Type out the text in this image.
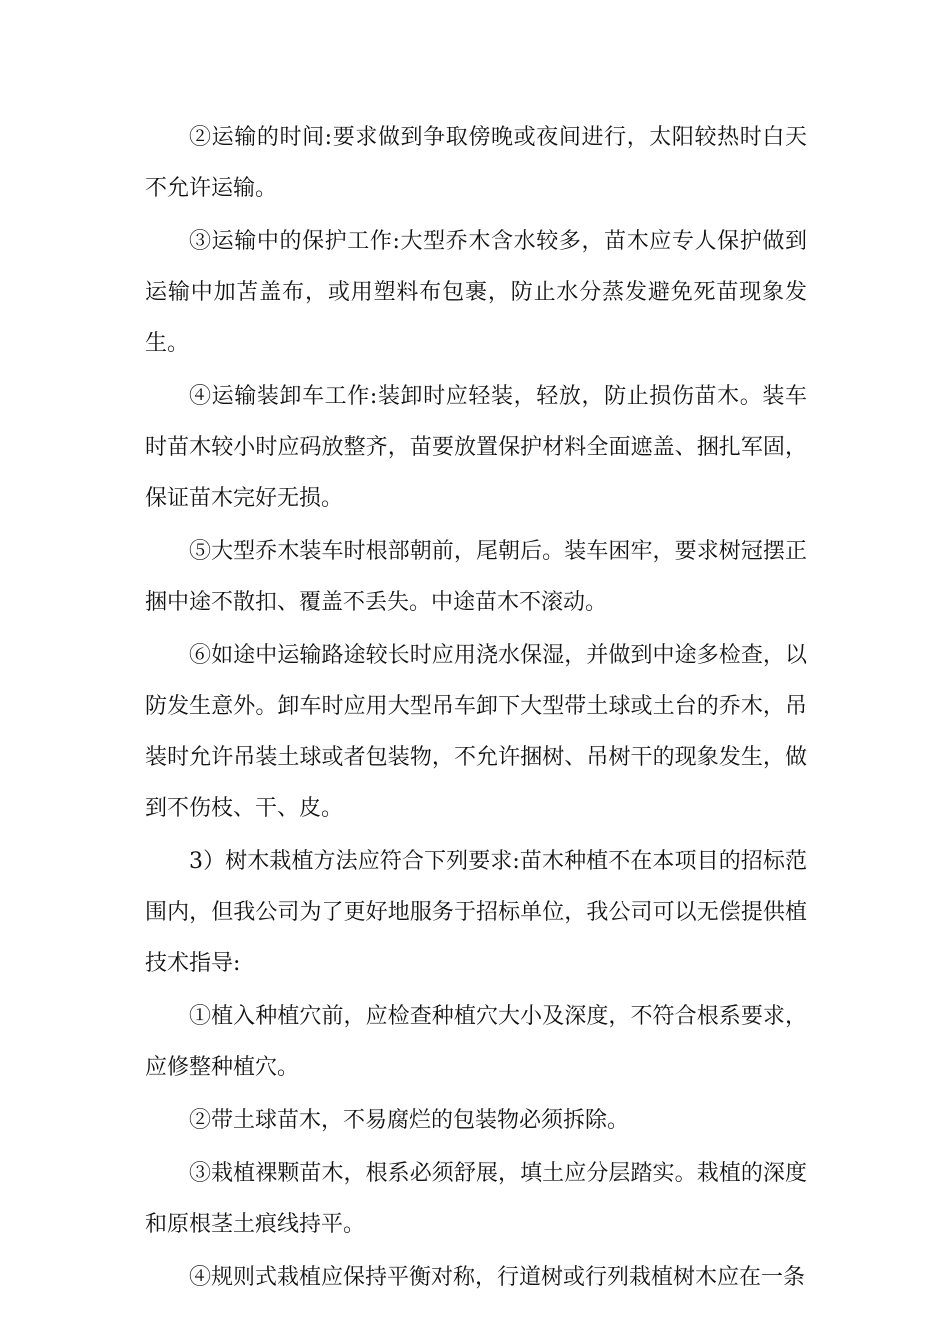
②运输的时间:要求做到争取傍晚或夜间进行，太阳较热时白天不允许运输。

③运输中的保护工作:大型乔木含水较多，苗木应专人保护做到运输中加苫盖布，或用塑料布包裹，防止水分蒸发避免死苗现象发生。

④运输装卸车工作:装卸时应轻装，轻放，防止损伤苗木。装车时苗木较小时应码放整齐，苗要放置保护材料全面遮盖、捆扎军固，保证苗木完好无损。

⑤大型乔木装车时根部朝前，尾朝后。装车困牢，要求树冠摆正捆中途不散扣、覆盖不丢失。中途苗木不滚动。

⑥如途中运输路途较长时应用浇水保湿，并做到中途多检查，以防发生意外。卸车时应用大型吊车卸下大型带土球或土台的乔木，吊装时允许吊装土球或者包装物，不允许捆树、吊树干的现象发生，做到不伤枝、干、皮。

3）树木栽植方法应符合下列要求:苗木种植不在本项目的招标范围内，但我公司为了更好地服务于招标单位，我公司可以无偿提供植技术指导:

①植入种植穴前，应检查种植穴大小及深度，不符合根系要求，应修整种植穴。

②带土球苗木，不易腐烂的包装物必须拆除。

③栽植裸颗苗木，根系必须舒展，填土应分层踏实。栽植的深度和原根茎土痕线持平。

④规则式栽植应保持平衡对称，行道树或行列栽植树木应在一条
